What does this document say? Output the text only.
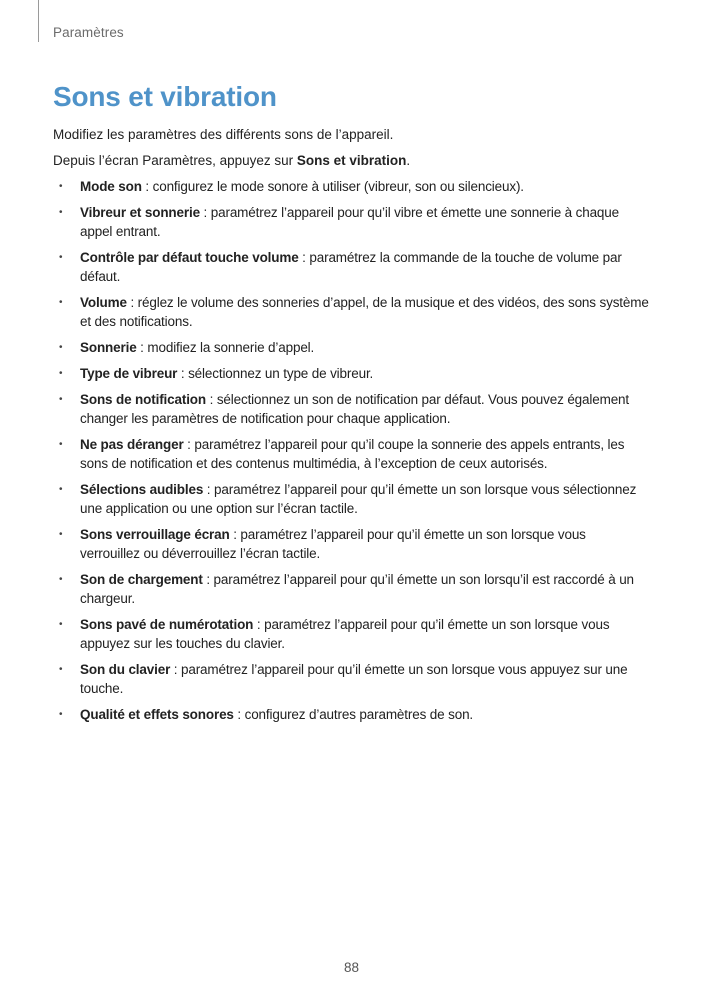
Paramètres
Sons et vibration

Modifiez les paramètres des différents sons de l’appareil.

Depuis l’écran Paramètres, appuyez sur Sons et vibration.

• Mode son : configurez le mode sonore à utiliser (vibreur, son ou silencieux).
• Vibreur et sonnerie : paramétrez l’appareil pour qu’il vibre et émette une sonnerie à chaque appel entrant.
• Contrôle par défaut touche volume : paramétrez la commande de la touche de volume par défaut.
• Volume : réglez le volume des sonneries d’appel, de la musique et des vidéos, des sons système et des notifications.
• Sonnerie : modifiez la sonnerie d’appel.
• Type de vibreur : sélectionnez un type de vibreur.
• Sons de notification : sélectionnez un son de notification par défaut. Vous pouvez également changer les paramètres de notification pour chaque application.
• Ne pas déranger : paramétrez l’appareil pour qu’il coupe la sonnerie des appels entrants, les sons de notification et des contenus multimédia, à l’exception de ceux autorisés.
• Sélections audibles : paramétrez l’appareil pour qu’il émette un son lorsque vous sélectionnez une application ou une option sur l’écran tactile.
• Sons verrouillage écran : paramétrez l’appareil pour qu’il émette un son lorsque vous verrouillez ou déverrouillez l’écran tactile.
• Son de chargement : paramétrez l’appareil pour qu’il émette un son lorsqu’il est raccordé à un chargeur.
• Sons pavé de numérotation : paramétrez l’appareil pour qu’il émette un son lorsque vous appuyez sur les touches du clavier.
• Son du clavier : paramétrez l’appareil pour qu’il émette un son lorsque vous appuyez sur une touche.
• Qualité et effets sonores : configurez d’autres paramètres de son.
88
